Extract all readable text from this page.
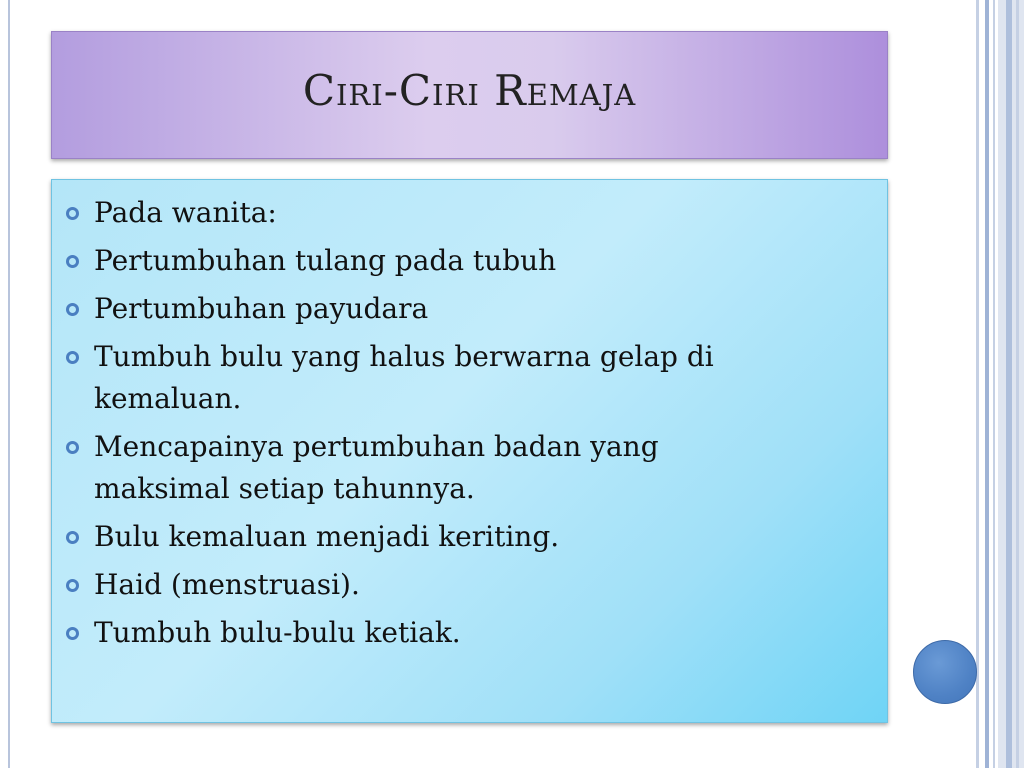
Ciri-Ciri Remaja
Pada wanita:
Pertumbuhan tulang pada tubuh
Pertumbuhan payudara
Tumbuh bulu yang halus berwarna gelap di kemaluan.
Mencapainya pertumbuhan badan yang maksimal setiap tahunnya.
Bulu kemaluan menjadi keriting.
Haid (menstruasi).
Tumbuh bulu-bulu ketiak.
